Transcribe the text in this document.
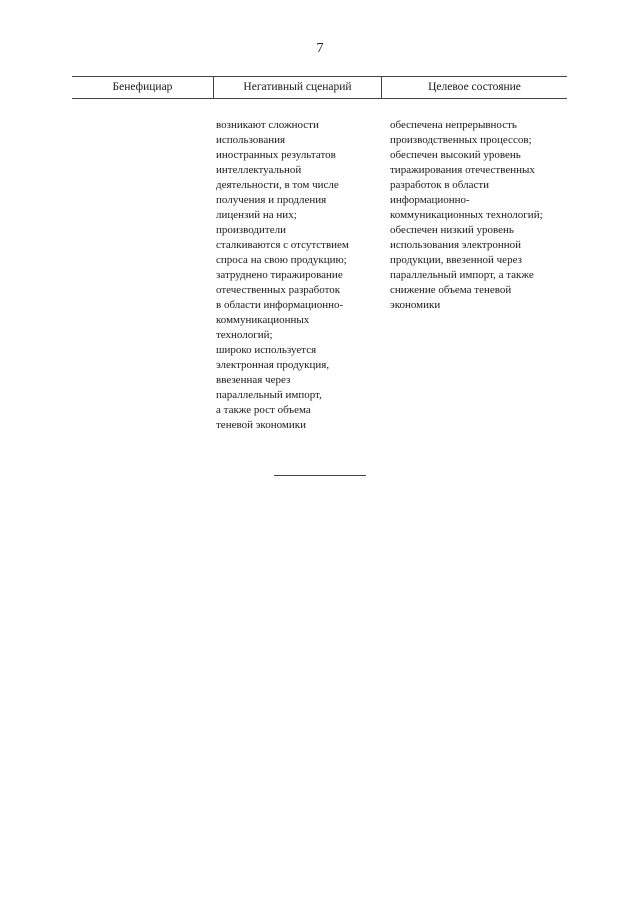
7
Бенефициар	Негативный сценарий	Целевое состояние
возникают сложности
использования
иностранных результатов
интеллектуальной
деятельности, в том числе
получения и продления
лицензий на них;
производители
сталкиваются с отсутствием
спроса на свою продукцию;
затруднено тиражирование
отечественных разработок
в области информационно-
коммуникационных
технологий;
широко используется
электронная продукция,
ввезенная через
параллельный импорт,
а также рост объема
теневой экономики
обеспечена непрерывность
производственных процессов;
обеспечен высокий уровень
тиражирования отечественных
разработок в области
информационно-
коммуникационных технологий;
обеспечен низкий уровень
использования электронной
продукции, ввезенной через
параллельный импорт, а также
снижение объема теневой
экономики
